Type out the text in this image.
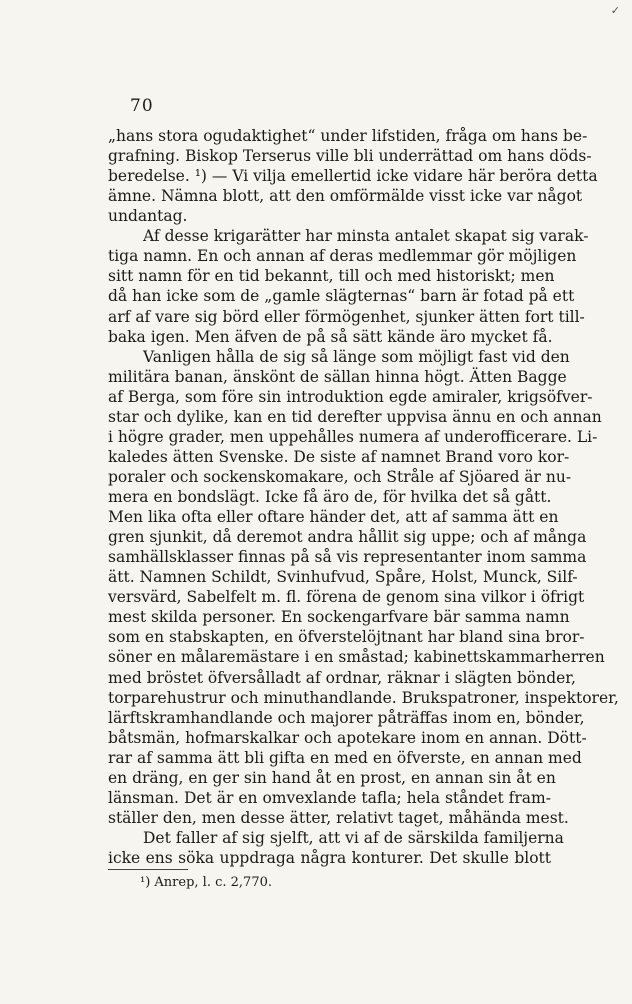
✓
70
„hans stora ogudaktighet“ under lifstiden, fråga om hans be-
grafning. Biskop Terserus ville bli underrättad om hans döds-
beredelse. ¹) — Vi vilja emellertid icke vidare här beröra detta
ämne. Nämna blott, att den omförmälde visst icke var något
undantag.
Af desse krigarätter har minsta antalet skapat sig varak-
tiga namn. En och annan af deras medlemmar gör möjligen
sitt namn för en tid bekannt, till och med historiskt; men
då han icke som de „gamle slägternas“ barn är fotad på ett
arf af vare sig börd eller förmögenhet, sjunker ätten fort till-
baka igen. Men äfven de på så sätt kände äro mycket få.
Vanligen hålla de sig så länge som möjligt fast vid den
militära banan, änskönt de sällan hinna högt. Ätten Bagge
af Berga, som före sin introduktion egde amiraler, krigsöfver-
star och dylike, kan en tid derefter uppvisa ännu en och annan
i högre grader, men uppehålles numera af underofficerare. Li-
kaledes ätten Svenske. De siste af namnet Brand voro kor-
poraler och sockenskomakare, och Stråle af Sjöared är nu-
mera en bondslägt. Icke få äro de, för hvilka det så gått.
Men lika ofta eller oftare händer det, att af samma ätt en
gren sjunkit, då deremot andra hållit sig uppe; och af många
samhällsklasser finnas på så vis representanter inom samma
ätt. Namnen Schildt, Svinhufvud, Spåre, Holst, Munck, Silf-
versvärd, Sabelfelt m. fl. förena de genom sina vilkor i öfrigt
mest skilda personer. En sockengarfvare bär samma namn
som en stabskapten, en öfverstelöjtnant har bland sina bror-
söner en målaremästare i en småstad; kabinettskammarherren
med bröstet öfversålladt af ordnar, räknar i slägten bönder,
torparehustrur och minuthandlande. Brukspatroner, inspektorer,
lärftskramhandlande och majorer påträffas inom en, bönder,
båtsmän, hofmarskalkar och apotekare inom en annan. Dött-
rar af samma ätt bli gifta en med en öfverste, en annan med
en dräng, en ger sin hand åt en prost, en annan sin åt en
länsman. Det är en omvexlande tafla; hela ståndet fram-
ställer den, men desse ätter, relativt taget, måhända mest.
Det faller af sig sjelft, att vi af de särskilda familjerna
icke ens söka uppdraga några konturer. Det skulle blott
¹) Anrep, l. c. 2,770.
